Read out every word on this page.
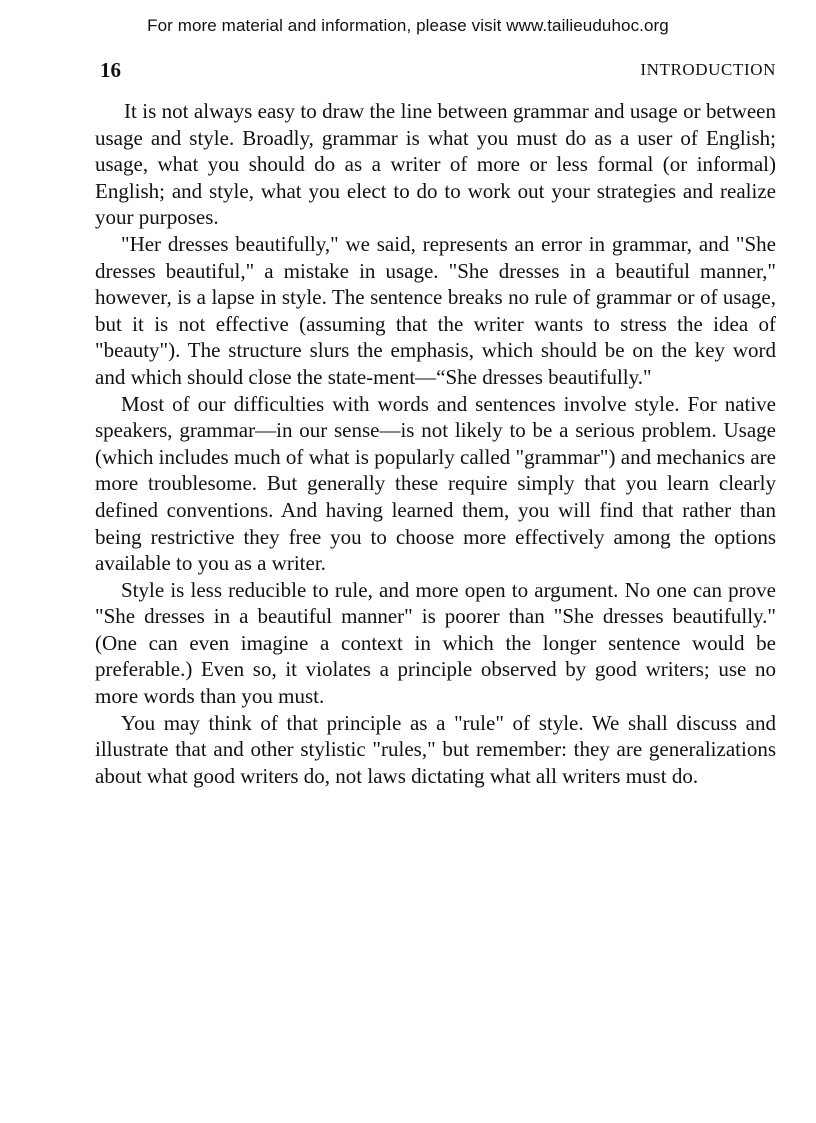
For more material and information, please visit www.tailieuduhoc.org
16	INTRODUCTION

It is not always easy to draw the line between grammar and usage or between usage and style. Broadly, grammar is what you must do as a user of English; usage, what you should do as a writer of more or less formal (or informal) English; and style, what you elect to do to work out your strategies and realize your purposes.

"Her dresses beautifully," we said, represents an error in grammar, and "She dresses beautiful," a mistake in usage. "She dresses in a beautiful manner," however, is a lapse in style. The sentence breaks no rule of grammar or of usage, but it is not effective (assuming that the writer wants to stress the idea of "beauty"). The structure slurs the emphasis, which should be on the key word and which should close the state-ment—“She dresses beautifully."

Most of our difficulties with words and sentences involve style. For native speakers, grammar—in our sense—is not likely to be a serious problem. Usage (which includes much of what is popularly called "grammar") and mechanics are more troublesome. But generally these require simply that you learn clearly defined conventions. And having learned them, you will find that rather than being restrictive they free you to choose more effectively among the options available to you as a writer.

Style is less reducible to rule, and more open to argument. No one can prove "She dresses in a beautiful manner" is poorer than "She dresses beautifully." (One can even imagine a context in which the longer sentence would be preferable.) Even so, it violates a principle observed by good writers; use no more words than you must.

You may think of that principle as a "rule" of style. We shall discuss and illustrate that and other stylistic "rules," but remember: they are generalizations about what good writers do, not laws dictating what all writers must do.
